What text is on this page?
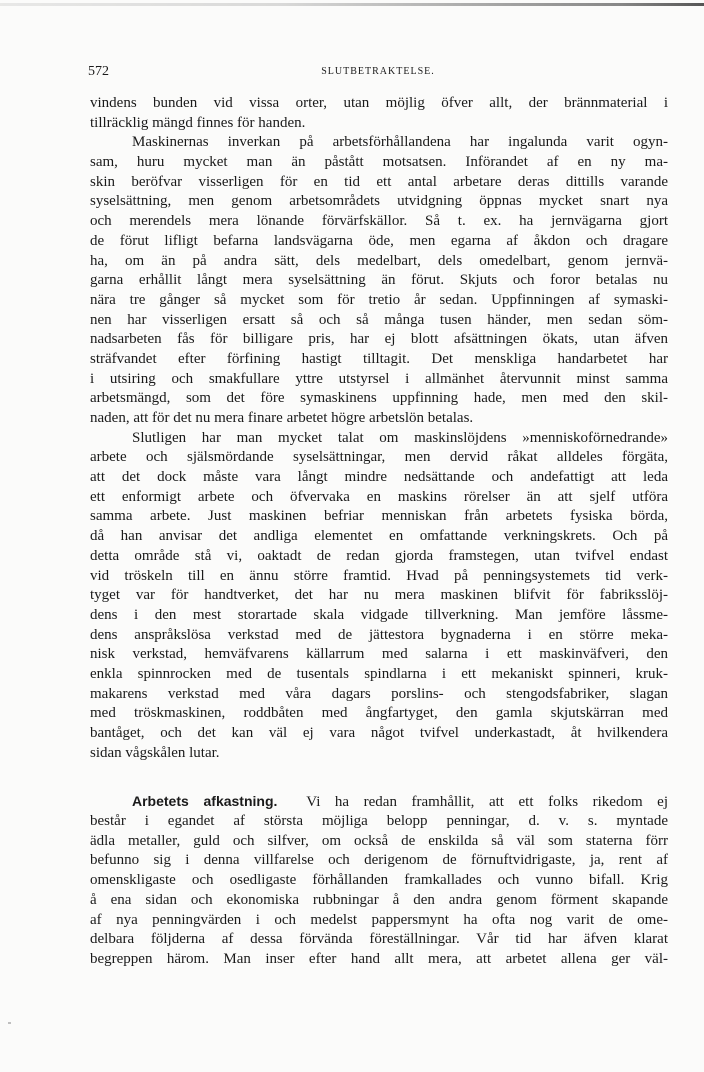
572	SLUTBETRAKTELSE.
vindens bunden vid vissa orter, utan möjlig öfver allt, der brännmaterial i
tillräcklig mängd finnes för handen.
Maskinernas inverkan på arbetsförhållandena har ingalunda varit ogyn-
sam, huru mycket man än påstått motsatsen. Införandet af en ny ma-
skin beröfvar visserligen för en tid ett antal arbetare deras dittills varande
syselsättning, men genom arbetsområdets utvidgning öppnas mycket snart nya
och merendels mera lönande förvärfskällor. Så t. ex. ha jernvägarna gjort
de förut lifligt befarna landsvägarna öde, men egarna af åkdon och dragare
ha, om än på andra sätt, dels medelbart, dels omedelbart, genom jernvä-
garna erhållit långt mera syselsättning än förut. Skjuts och foror betalas nu
nära tre gånger så mycket som för tretio år sedan. Uppfinningen af symaski-
nen har visserligen ersatt så och så många tusen händer, men sedan söm-
nadsarbeten fås för billigare pris, har ej blott afsättningen ökats, utan äfven
sträfvandet efter förfining hastigt tilltagit. Det menskliga handarbetet har
i utsiring och smakfullare yttre utstyrsel i allmänhet återvunnit minst samma
arbetsmängd, som det före symaskinens uppfinning hade, men med den skil-
naden, att för det nu mera finare arbetet högre arbetslön betalas.
Slutligen har man mycket talat om maskinslöjdens »menniskoförnedrande»
arbete och själsmördande syselsättningar, men dervid råkat alldeles förgäta,
att det dock måste vara långt mindre nedsättande och andefattigt att leda
ett enformigt arbete och öfvervaka en maskins rörelser än att sjelf utföra
samma arbete. Just maskinen befriar menniskan från arbetets fysiska börda,
då han anvisar det andliga elementet en omfattande verkningskrets. Och på
detta område stå vi, oaktadt de redan gjorda framstegen, utan tvifvel endast
vid tröskeln till en ännu större framtid. Hvad på penningsystemets tid verk-
tyget var för handtverket, det har nu mera maskinen blifvit för fabriksslöj-
dens i den mest storartade skala vidgade tillverkning. Man jemföre låssme-
dens anspråkslösa verkstad med de jättestora bygnaderna i en större meka-
nisk verkstad, hemväfvarens källarrum med salarna i ett maskinväfveri, den
enkla spinnrocken med de tusentals spindlarna i ett mekaniskt spinneri, kruk-
makarens verkstad med våra dagars porslins- och stengodsfabriker, slagan
med tröskmaskinen, roddbåten med ångfartyget, den gamla skjutskärran med
bantåget, och det kan väl ej vara något tvifvel underkastadt, åt hvilkendera
sidan vågskålen lutar.
Arbetets afkastning. Vi ha redan framhållit, att ett folks rikedom ej
består i egandet af största möjliga belopp penningar, d. v. s. myntade
ädla metaller, guld och silfver, om också de enskilda så väl som staterna förr
befunno sig i denna villfarelse och derigenom de förnuftvidrigaste, ja, rent af
omenskligaste och osedligaste förhållanden framkallades och vunno bifall. Krig
å ena sidan och ekonomiska rubbningar å den andra genom förment skapande
af nya penningvärden i och medelst pappersmynt ha ofta nog varit de ome-
delbara följderna af dessa förvända föreställningar. Vår tid har äfven klarat
begreppen härom. Man inser efter hand allt mera, att arbetet allena ger väl-
